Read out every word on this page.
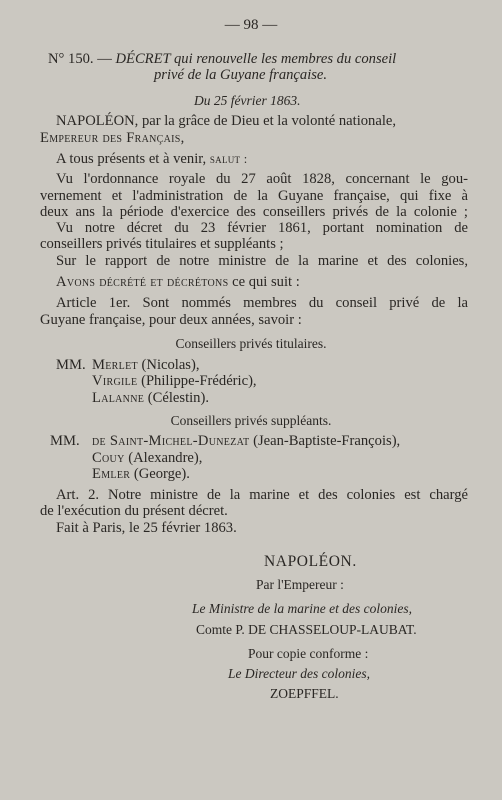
— 98 —
N° 150. — DÉCRET qui renouvelle les membres du conseil
privé de la Guyane française.
Du 25 février 1863.
NAPOLÉON, par la grâce de Dieu et la volonté nationale,
Empereur des Français,
A tous présents et à venir, salut :
Vu l'ordonnance royale du 27 août 1828, concernant le gou-
vernement et l'administration de la Guyane française, qui fixe à
deux ans la période d'exercice des conseillers privés de la colonie ;
Vu notre décret du 23 février 1861, portant nomination de
conseillers privés titulaires et suppléants ;
Sur le rapport de notre ministre de la marine et des colonies,
Avons décrété et décrétons ce qui suit :
Article 1er. Sont nommés membres du conseil privé de la
Guyane française, pour deux années, savoir :
Conseillers privés titulaires.
MM. Merlet (Nicolas),
Virgile (Philippe-Frédéric),
Lalanne (Célestin).
Conseillers privés suppléants.
MM. de Saint-Michel-Dunezat (Jean-Baptiste-François),
Couy (Alexandre),
Emler (George).
Art. 2. Notre ministre de la marine et des colonies est chargé
de l'exécution du présent décret.
Fait à Paris, le 25 février 1863.
NAPOLÉON.
Par l'Empereur :
Le Ministre de la marine et des colonies,
Comte P. DE CHASSELOUP-LAUBAT.
Pour copie conforme :
Le Directeur des colonies,
ZOEPFFEL.
